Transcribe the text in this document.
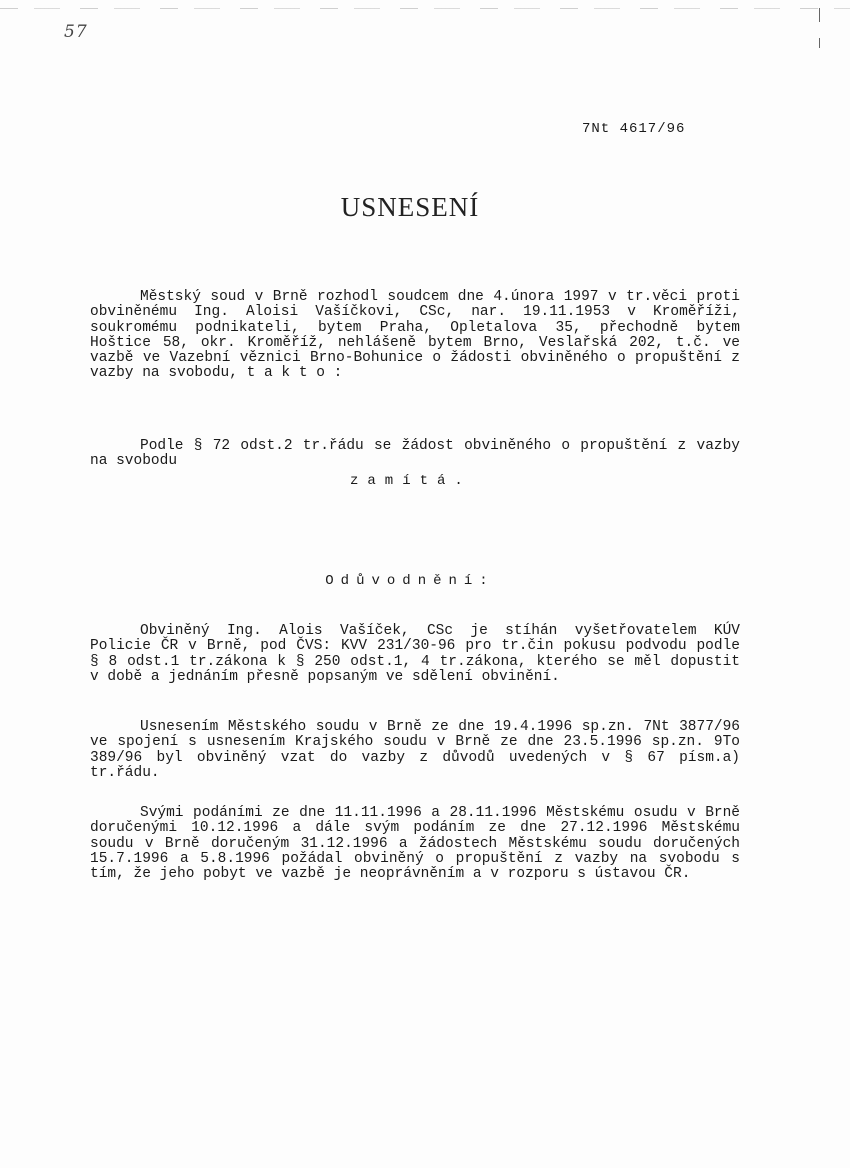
57
7Nt 4617/96
USNESENÍ
Městský soud v Brně rozhodl soudcem dne 4.února 1997 v tr.věci proti obviněnému Ing. Aloisi Vašíčkovi, CSc, nar. 19.11.1953 v Kroměříži, soukromému podnikateli, bytem Praha, Opletalova 35, přechodně bytem Hoštice 58, okr. Kroměříž, nehlášeně bytem Brno, Veslařská 202, t.č. ve vazbě ve Vazební věznici Brno-Bohunice o žádosti obviněného o propuštění z vazby na svobodu, t a k t o :
Podle § 72 odst.2 tr.řádu se žádost obviněného o propuštění z vazby na svobodu
zamítá.
Odůvodnění:
Obviněný Ing. Alois Vašíček, CSc je stíhán vyšetřovatelem KÚV Policie ČR v Brně, pod ČVS: KVV 231/30-96 pro tr.čin pokusu podvodu podle § 8 odst.1 tr.zákona k § 250 odst.1, 4 tr.zákona, kterého se měl dopustit v době a jednáním přesně popsaným ve sdělení obvinění.
Usnesením Městského soudu v Brně ze dne 19.4.1996 sp.zn. 7Nt 3877/96 ve spojení s usnesením Krajského soudu v Brně ze dne 23.5.1996 sp.zn. 9To 389/96 byl obviněný vzat do vazby z důvodů uvedených v § 67 písm.a) tr.řádu.
Svými podáními ze dne 11.11.1996 a 28.11.1996 Městskému osudu v Brně doručenými 10.12.1996 a dále svým podáním ze dne 27.12.1996 Městskému soudu v Brně doručeným 31.12.1996 a žádostech Městskému soudu doručených 15.7.1996 a 5.8.1996 požádal obviněný o propuštění z vazby na svobodu s tím, že jeho pobyt ve vazbě je neoprávněním a v rozporu s ústavou ČR.
